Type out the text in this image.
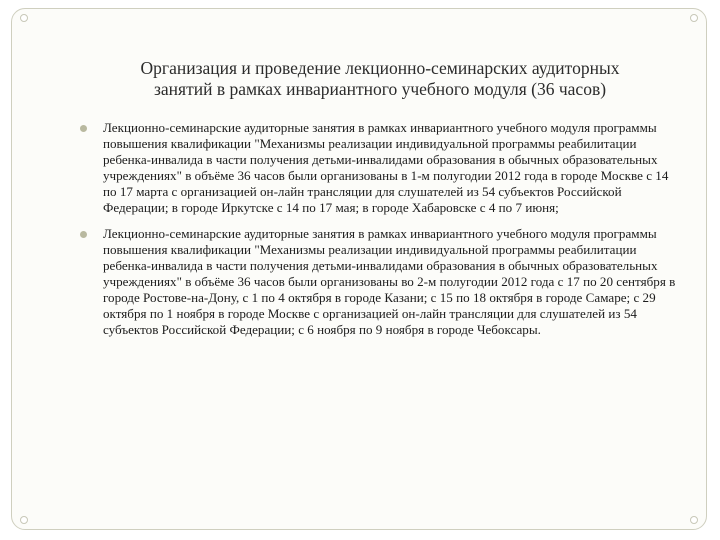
Организация и проведение лекционно-семинарских аудиторных
занятий в рамках инвариантного учебного модуля (36 часов)
Лекционно-семинарские аудиторные занятия в рамках инвариантного учебного модуля программы повышения квалификации "Механизмы реализации индивидуальной программы реабилитации ребенка-инвалида в части получения детьми-инвалидами образования в обычных образовательных учреждениях" в объёме 36 часов были организованы в 1-м полугодии 2012 года в городе Москве с 14 по 17 марта с организацией он-лайн трансляции для слушателей из 54 субъектов Российской Федерации; в городе Иркутске с 14 по 17 мая; в городе Хабаровске с 4 по 7 июня;
Лекционно-семинарские аудиторные занятия в рамках инвариантного учебного модуля программы повышения квалификации "Механизмы реализации индивидуальной программы реабилитации ребенка-инвалида в части получения детьми-инвалидами образования в обычных образовательных учреждениях" в объёме 36 часов были организованы во 2-м полугодии 2012 года с 17 по 20 сентября в городе Ростове-на-Дону, с 1 по 4 октября в городе Казани; с 15 по 18 октября в городе Самаре; с 29 октября по 1 ноября в городе Москве с организацией он-лайн трансляции для слушателей из 54 субъектов Российской Федерации; с 6 ноября по 9 ноября в городе Чебоксары.
